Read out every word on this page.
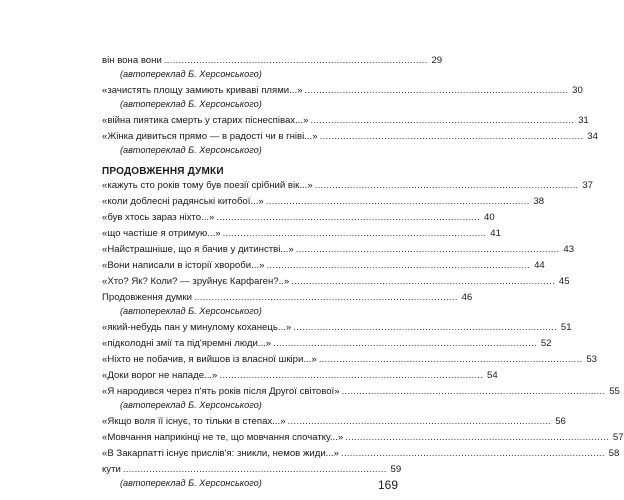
він вона вони . . .	29
(автопереклад Б. Херсонського)
«зачистять площу замиють криваві плями...» . . .	30
(автопереклад Б. Херсонського)
«війна пиятика смерть у старих піснеспівах...» . . .	31
«Жінка дивиться прямо — в радості чи в гніві...» . . .	34
(автопереклад Б. Херсонського)
ПРОДОВЖЕННЯ ДУМКИ
«кажуть сто років тому був поезії срібний вік...» . . .	37
«коли доблесні радянські китобої...» . . .	38
«був хтось зараз ніхто...» . . .	40
«що частіше я отримую...» . . .	41
«Найстрашніше, що я бачив у дитинстві...» . . .	43
«Вони написали в історії хвороби...» . . .	44
«Хто? Як? Коли? — зруйнує Карфаген?..» . . .	45
Продовження думки . . .	46
(автопереклад Б. Херсонського)
«який-небудь пан у минулому коханець...» . . .	51
«підколодні змії та під'яремні люди...» . . .	52
«Ніхто не побачив, я вийшов із власної шкіри...» . . .	53
«Доки ворог не нападе...» . . .	54
«Я народився через п'ять років після Другої світової» . . .	55
(автопереклад Б. Херсонського)
«Якщо воля її існує, то тільки в степах...» . . .	56
«Мовчання наприкінці не те, що мовчання спочатку...» . . .	57
«В Закарпатті існує прислів'я: зникли, немов жиди...» . . .	58
кути . . .	59
(автопереклад Б. Херсонського)	169
